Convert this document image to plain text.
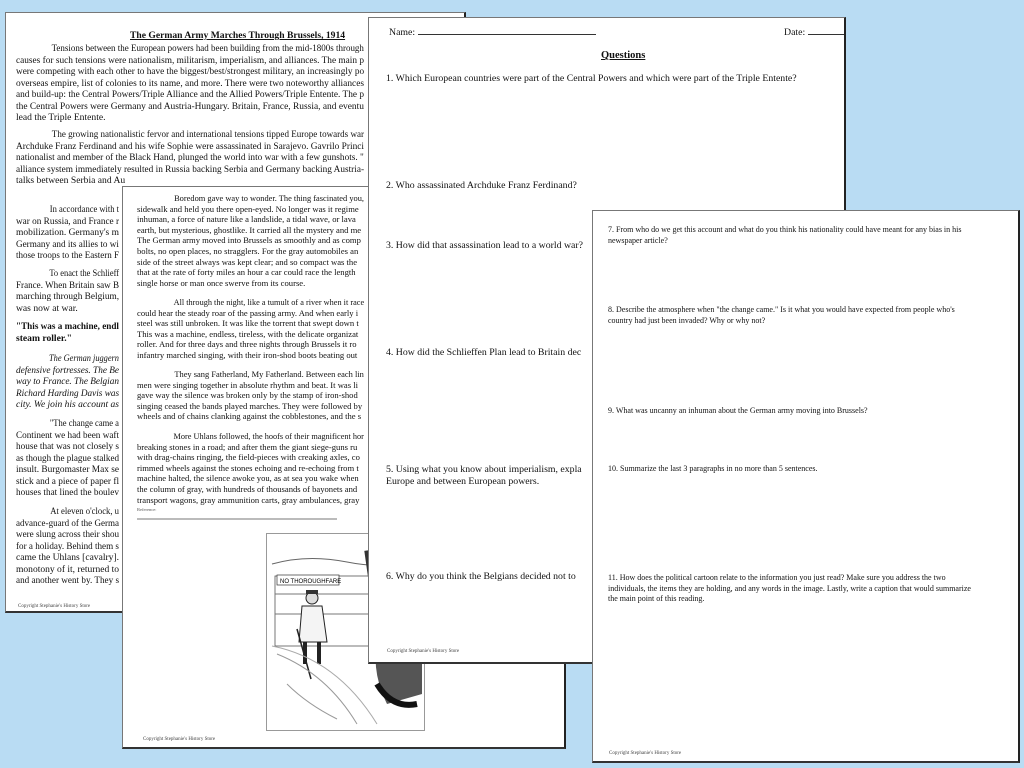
The German Army Marches Through Brussels, 1914
Tensions between the European powers had been building from the mid-1800s through
causes for such tensions were nationalism, militarism, imperialism, and alliances. The main p
were competing with each other to have the biggest/best/strongest military, an increasingly po
overseas empire, list of colonies to its name, and more. There were two noteworthy alliances
and build-up: the Central Powers/Triple Alliance and the Allied Powers/Triple Entente. The p
the Central Powers were Germany and Austria-Hungary. Britain, France, Russia, and eventu
lead the Triple Entente.
The growing nationalistic fervor and international tensions tipped Europe towards war
Archduke Franz Ferdinand and his wife Sophie were assassinated in Sarajevo. Gavrilo Princi
nationalist and member of the Black Hand, plunged the world into war with a few gunshots. "
alliance system immediately resulted in Russia backing Serbia and Germany backing Austria-
talks between Serbia and Au
In accordance with t
war on Russia, and France r
mobilization. Germany's m
Germany and its allies to wi
those troops to the Eastern F
To enact the Schlieff
France. When Britain saw B
marching through Belgium,
was now at war.
"This was a machine, endl
steam roller."
The German juggern
defensive fortresses. The Be
way to France. The Belgian
Richard Harding Davis was
city. We join his account as
"The change came a
Continent we had been waft
house that was not closely s
as though the plague stalked
insult. Burgomaster Max se
stick and a piece of paper fl
houses that lined the boulev
At eleven o'clock, u
advance-guard of the Germa
were slung across their shou
for a holiday. Behind them s
came the Uhlans [cavalry].
monotony of it, returned to
and another went by. They s
Copyright Stephanie's History Store
Boredom gave way to wonder. The thing fascinated you,
sidewalk and held you there open-eyed. No longer was it regime
inhuman, a force of nature like a landslide, a tidal wave, or lava
earth, but mysterious, ghostlike. It carried all the mystery and me
The German army moved into Brussels as smoothly and as comp
bolts, no open places, no stragglers. For the gray automobiles an
side of the street always was kept clear; and so compact was the
that at the rate of forty miles an hour a car could race the length
single horse or man once swerve from its course.
All through the night, like a tumult of a river when it race
could hear the steady roar of the passing army. And when early i
steel was still unbroken. It was like the torrent that swept down t
This was a machine, endless, tireless, with the delicate organizat
roller. And for three days and three nights through Brussels it ro
infantry marched singing, with their iron-shod boots beating out
They sang Fatherland, My Fatherland. Between each lin
men were singing together in absolute rhythm and beat. It was li
gave way the silence was broken only by the stamp of iron-shod
singing ceased the bands played marches. They were followed by
wheels and of chains clanking against the cobblestones, and the s
More Uhlans followed, the hoofs of their magnificent hor
breaking stones in a road; and after them the giant siege-guns ru
with drag-chains ringing, the field-pieces with creaking axles, co
rimmed wheels against the stones echoing and re-echoing from t
machine halted, the silence awoke you, as at sea you wake when
the column of gray, with hundreds of thousands of bayonets and
transport wagons, gray ammunition carts, gray ambulances, gray
Reference:
NO THOROUGHFARE
Copyright Stephanie's History Store
Name:	Date:
Questions
1. Which European countries were part of the Central Powers and which were part of the Triple Entente?
2. Who assassinated Archduke Franz Ferdinand?
3. How did that assassination lead to a world war?
4. How did the Schlieffen Plan lead to Britain dec
5. Using what you know about imperialism, expla
Europe and between European powers.
6. Why do you think the Belgians decided not to
Copyright Stephanie's History Store
7. From who do we get this account and what do you think his nationality could have meant for any bias in his
newspaper article?
8. Describe the atmosphere when "the change came." Is it what you would have expected from people who's
country had just been invaded? Why or why not?
9. What was uncanny an inhuman about the German army moving into Brussels?
10. Summarize the last 3 paragraphs in no more than 5 sentences.
11. How does the political cartoon relate to the information you just read? Make sure you address the two
individuals, the items they are holding, and any words in the image. Lastly, write a caption that would summarize
the main point of this reading.
Copyright Stephanie's History Store
